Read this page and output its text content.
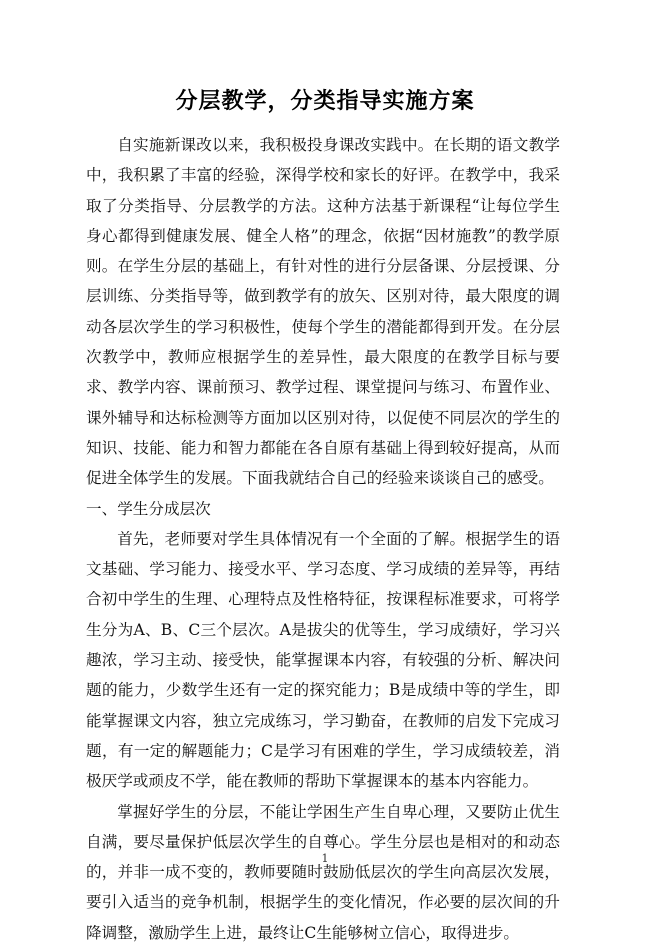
分层教学，分类指导实施方案

自实施新课改以来，我积极投身课改实践中。在长期的语文教学中，我积累了丰富的经验，深得学校和家长的好评。在教学中，我采取了分类指导、分层教学的方法。这种方法基于新课程“让每位学生身心都得到健康发展、健全人格”的理念，依据“因材施教”的教学原则。在学生分层的基础上，有针对性的进行分层备课、分层授课、分层训练、分类指导等，做到教学有的放矢、区别对待，最大限度的调动各层次学生的学习积极性，使每个学生的潜能都得到开发。在分层次教学中，教师应根据学生的差异性，最大限度的在教学目标与要求、教学内容、课前预习、教学过程、课堂提问与练习、布置作业、课外辅导和达标检测等方面加以区别对待，以促使不同层次的学生的知识、技能、能力和智力都能在各自原有基础上得到较好提高，从而促进全体学生的发展。下面我就结合自己的经验来谈谈自己的感受。

一、学生分成层次

首先，老师要对学生具体情况有一个全面的了解。根据学生的语文基础、学习能力、接受水平、学习态度、学习成绩的差异等，再结合初中学生的生理、心理特点及性格特征，按课程标准要求，可将学生分为A、B、C三个层次。A是拔尖的优等生，学习成绩好，学习兴趣浓，学习主动、接受快，能掌握课本内容，有较强的分析、解决问题的能力，少数学生还有一定的探究能力；B是成绩中等的学生，即能掌握课文内容，独立完成练习，学习勤奋，在教师的启发下完成习题，有一定的解题能力；C是学习有困难的学生，学习成绩较差，消极厌学或顽皮不学，能在教师的帮助下掌握课本的基本内容能力。

掌握好学生的分层，不能让学困生产生自卑心理，又要防止优生自满，要尽量保护低层次学生的自尊心。学生分层也是相对的和动态的，并非一成不变的，教师要随时鼓励低层次的学生向高层次发展，要引入适当的竞争机制，根据学生的变化情况，作必要的层次间的升降调整，激励学生上进，最终让C生能够树立信心，取得进步。

1
